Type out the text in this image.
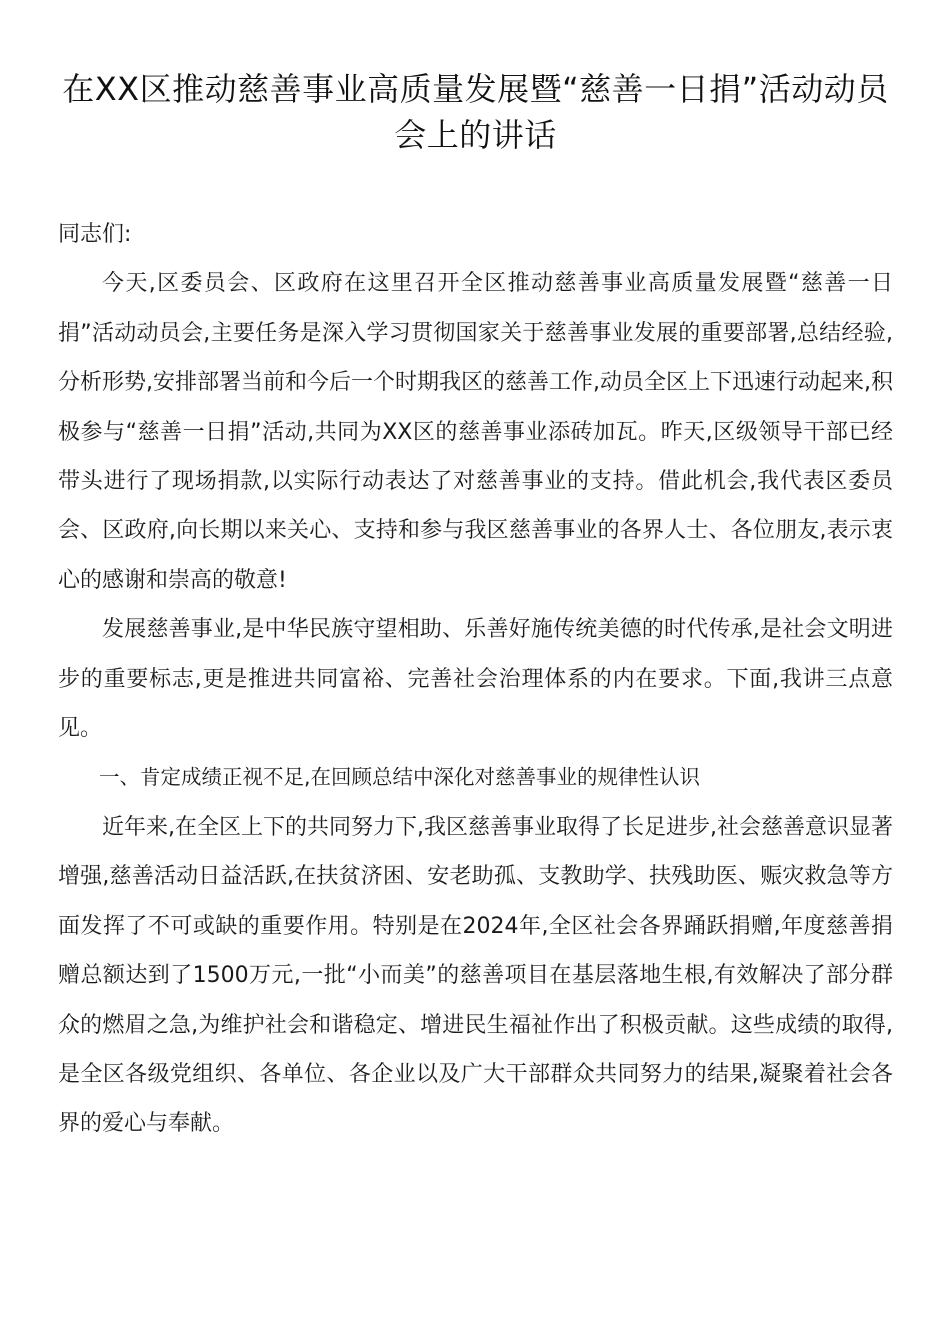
在XX区推动慈善事业高质量发展暨“慈善一日捐”活动动员会上的讲话

同志们:

今天,区委员会、区政府在这里召开全区推动慈善事业高质量发展暨“慈善一日捐”活动动员会,主要任务是深入学习贯彻国家关于慈善事业发展的重要部署,总结经验,分析形势,安排部署当前和今后一个时期我区的慈善工作,动员全区上下迅速行动起来,积极参与“慈善一日捐”活动,共同为XX区的慈善事业添砖加瓦。昨天,区级领导干部已经带头进行了现场捐款,以实际行动表达了对慈善事业的支持。借此机会,我代表区委员会、区政府,向长期以来关心、支持和参与我区慈善事业的各界人士、各位朋友,表示衷心的感谢和崇高的敬意!

发展慈善事业,是中华民族守望相助、乐善好施传统美德的时代传承,是社会文明进步的重要标志,更是推进共同富裕、完善社会治理体系的内在要求。下面,我讲三点意见。

一、肯定成绩正视不足,在回顾总结中深化对慈善事业的规律性认识

近年来,在全区上下的共同努力下,我区慈善事业取得了长足进步,社会慈善意识显著增强,慈善活动日益活跃,在扶贫济困、安老助孤、支教助学、扶残助医、赈灾救急等方面发挥了不可或缺的重要作用。特别是在2024年,全区社会各界踊跃捐赠,年度慈善捐赠总额达到了1500万元,一批“小而美”的慈善项目在基层落地生根,有效解决了部分群众的燃眉之急,为维护社会和谐稳定、增进民生福祉作出了积极贡献。这些成绩的取得,是全区各级党组织、各单位、各企业以及广大干部群众共同努力的结果,凝聚着社会各界的爱心与奉献。
